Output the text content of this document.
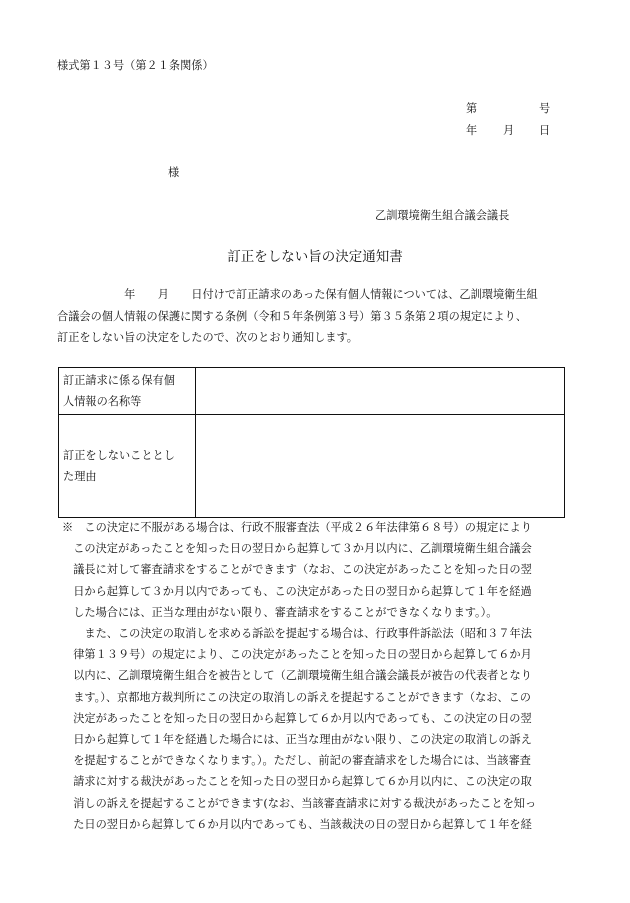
様式第１３号（第２１条関係）
第	号
年 月 日
様
乙訓環境衛生組合議会議長
訂正をしない旨の決定通知書

　　　　　　年　　月　　日付けで訂正請求のあった保有個人情報については、乙訓環境衛生組

合議会の個人情報の保護に関する条例（令和５年条例第３号）第３５条第２項の規定により、

訂正をしない旨の決定をしたので、次のとおり通知します。

訂正請求に係る保有個
人情報の名称等	

訂正をしないこととし
た理由	

※　この決定に不服がある場合は、行政不服審査法（平成２６年法律第６８号）の規定により

　この決定があったことを知った日の翌日から起算して３か月以内に、乙訓環境衛生組合議会

　議長に対して審査請求をすることができます（なお、この決定があったことを知った日の翌

　日から起算して３か月以内であっても、この決定があった日の翌日から起算して１年を経過

　した場合には、正当な理由がない限り、審査請求をすることができなくなります。）。

　　また、この決定の取消しを求める訴訟を提起する場合は、行政事件訴訟法（昭和３７年法

　律第１３９号）の規定により、この決定があったことを知った日の翌日から起算して６か月

　以内に、乙訓環境衛生組合を被告として（乙訓環境衛生組合議会議長が被告の代表者となり

　ます。）、京都地方裁判所にこの決定の取消しの訴えを提起することができます（なお、この

　決定があったことを知った日の翌日から起算して６か月以内であっても、この決定の日の翌

　日から起算して１年を経過した場合には、正当な理由がない限り、この決定の取消しの訴え

　を提起することができなくなります。）。ただし、前記の審査請求をした場合には、当該審査

　請求に対する裁決があったことを知った日の翌日から起算して６か月以内に、この決定の取

　消しの訴えを提起することができます(なお、当該審査請求に対する裁決があったことを知っ

　た日の翌日から起算して６か月以内であっても、当該裁決の日の翌日から起算して１年を経
